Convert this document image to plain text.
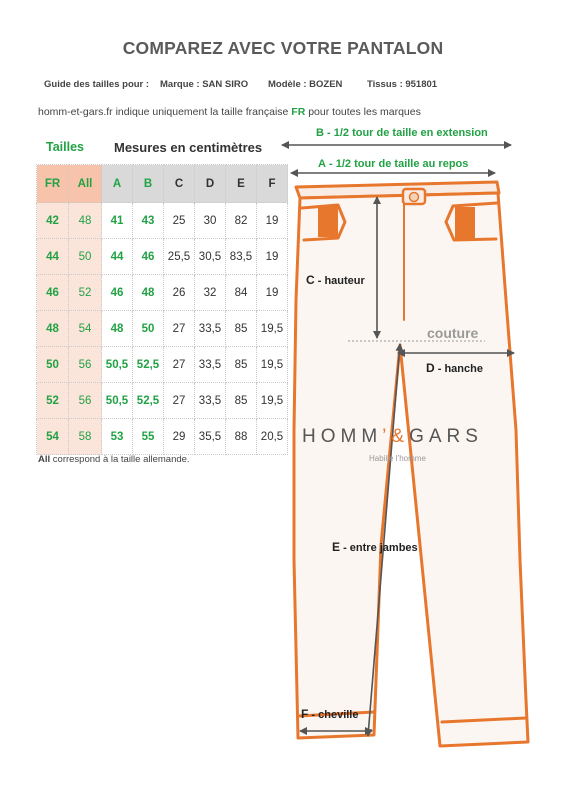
COMPAREZ AVEC VOTRE PANTALON
Guide des tailles pour : Marque : SAN SIRO Modèle : BOZEN	Tissus : 951801
homm-et-gars.fr indique uniquement la taille française FR pour toutes les marques
Tailles Mesures en centimètres
FR	All	A	B	C	D	E	F
42	48	41	43	25	30	82	19
44	50	44	46	25,5	30,5	83,5	19
46	52	46	48	26	32	84	19
48	54	48	50	27	33,5	85	19,5
50	56	50,5	52,5	27	33,5	85	19,5
52	56	50,5	52,5	27	33,5	85	19,5
54	58	53	55	29	35,5	88	20,5
All correspond à la taille allemande.
B - 1/2 tour de taille en extension
A - 1/2 tour de taille au repos
C - hauteur
couture
D - hanche
HOMM’&GARS
Habille l’homme
E - entre jambes
F - cheville
